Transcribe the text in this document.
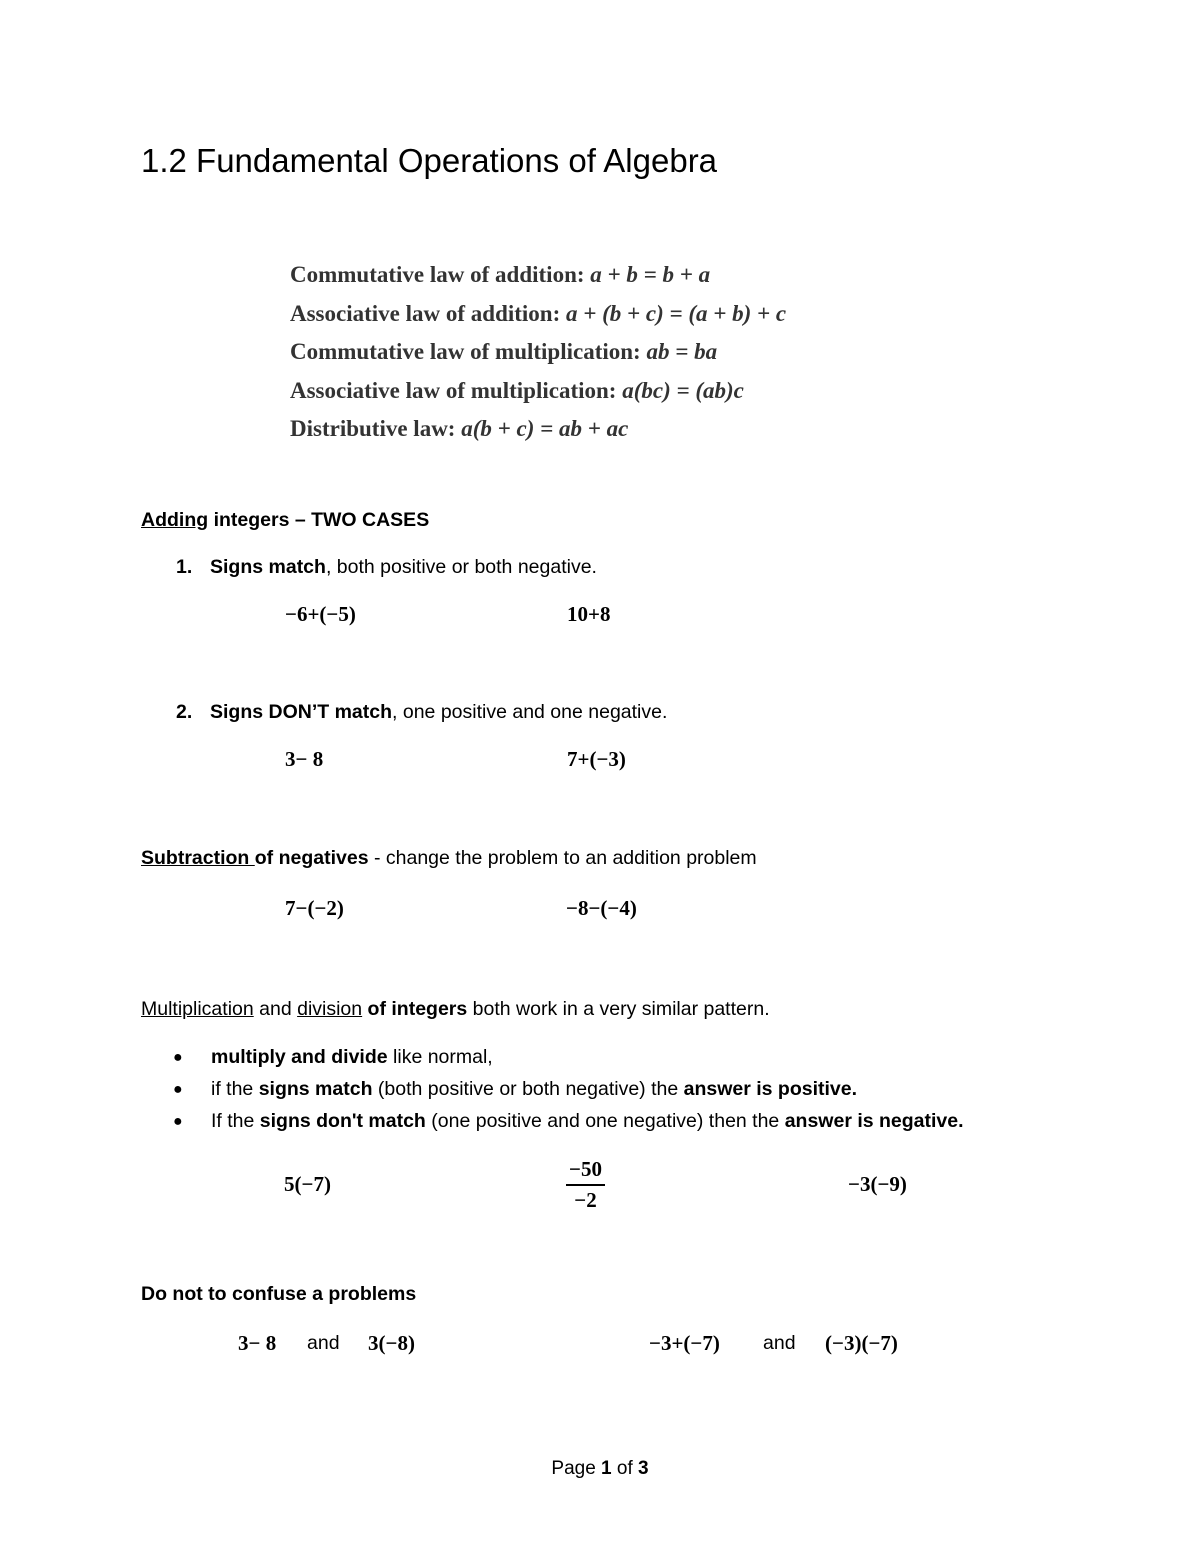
1.2 Fundamental Operations of Algebra
Commutative law of addition: a + b = b + a
Associative law of addition: a + (b + c) = (a + b) + c
Commutative law of multiplication: ab = ba
Associative law of multiplication: a(bc) = (ab)c
Distributive law: a(b + c) = ab + ac
Adding integers – TWO CASES
1. Signs match, both positive or both negative.
−6+(−5)	10+8
2. Signs DON’T match, one positive and one negative.
3− 8	7+(−3)
Subtraction of negatives - change the problem to an addition problem
7−(−2)	−8−(−4)
Multiplication and division of integers both work in a very similar pattern.
● multiply and divide like normal,
● if the signs match (both positive or both negative) the answer is positive.
● If the signs don't match (one positive and one negative) then the answer is negative.
5(−7)	$\frac{-50}{-2}$	−3(−9)
Do not to confuse a problems
3− 8 and 3(−8)	−3+(−7) and (−3)(−7)
Page 1 of 3
